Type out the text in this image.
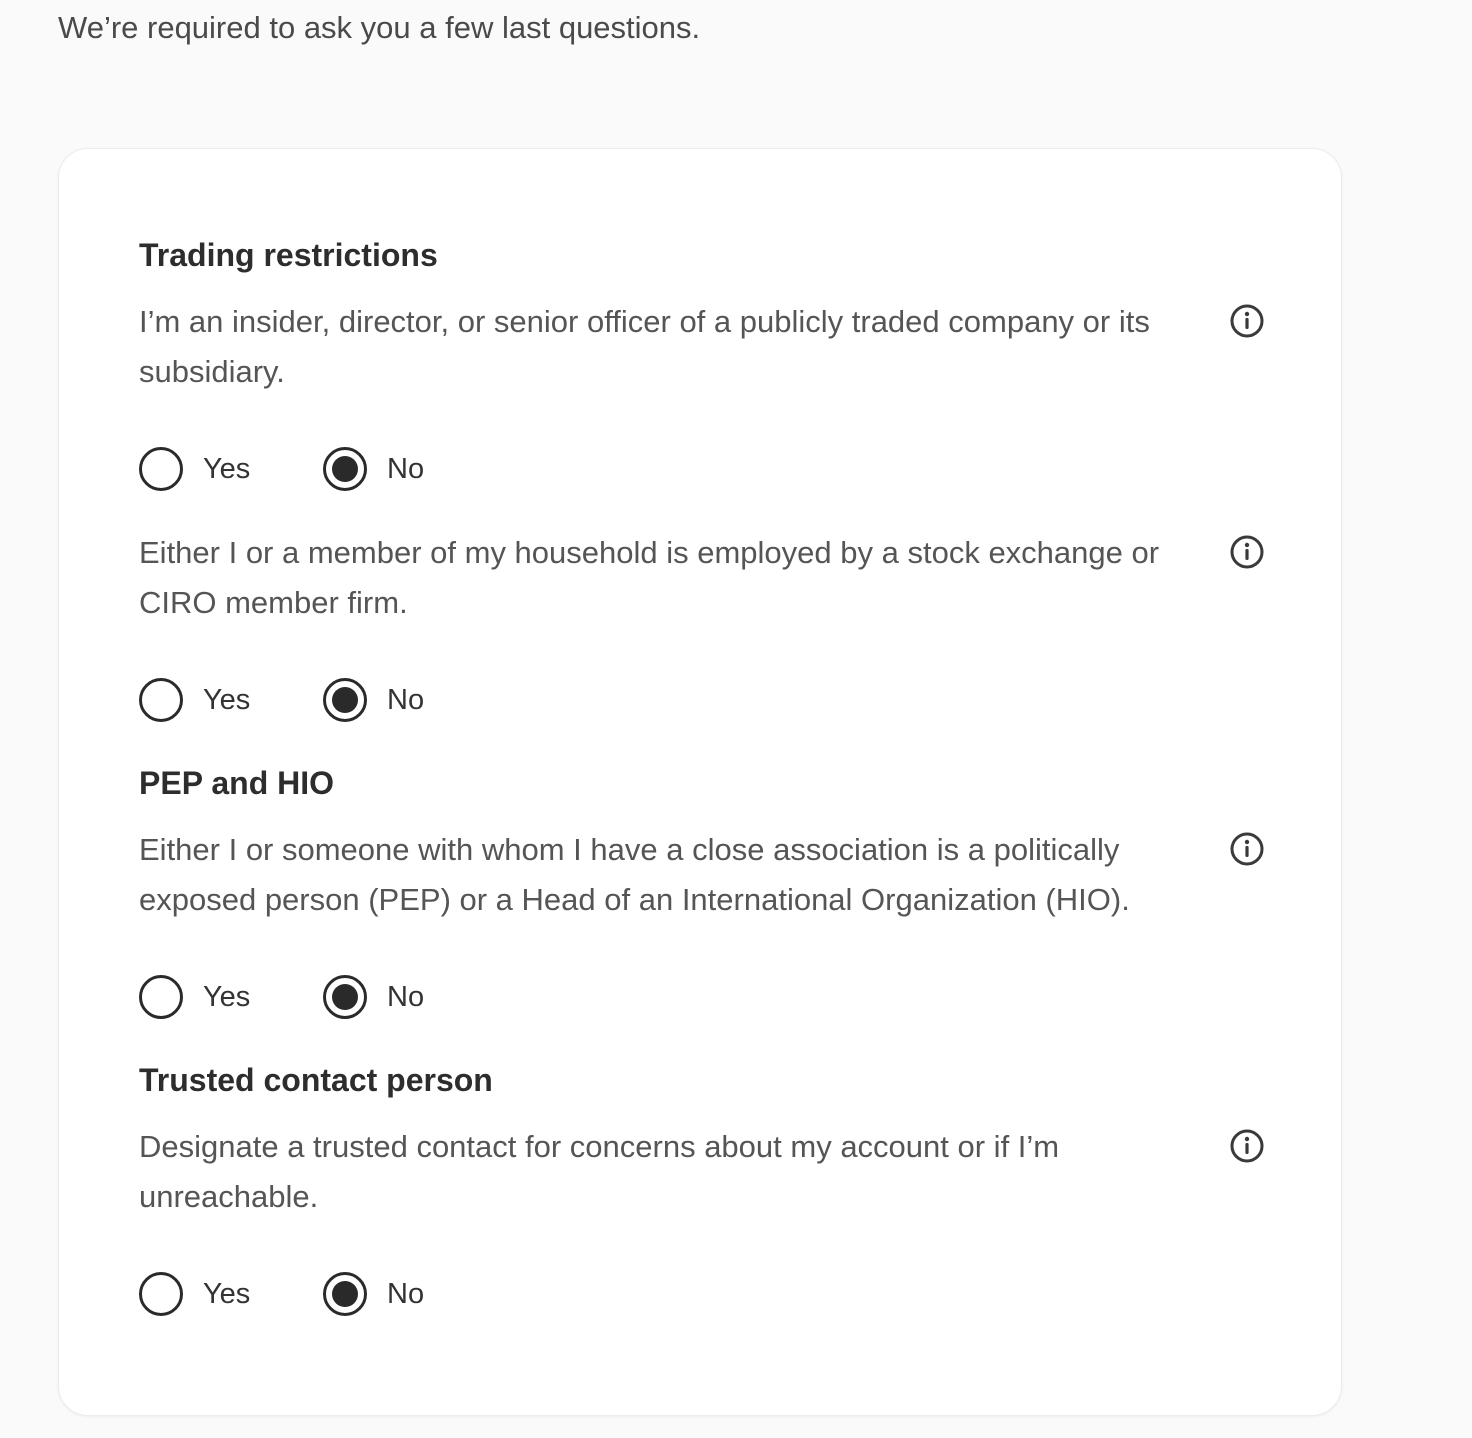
We’re required to ask you a few last questions.

Trading restrictions

I’m an insider, director, or senior officer of a publicly traded company or its subsidiary.

Yes	No

Either I or a member of my household is employed by a stock exchange or CIRO member firm.

Yes	No
PEP and HIO

Either I or someone with whom I have a close association is a politically exposed person (PEP) or a Head of an International Organization (HIO).

Yes	No
Trusted contact person

Designate a trusted contact for concerns about my account or if I’m unreachable.

Yes	No
